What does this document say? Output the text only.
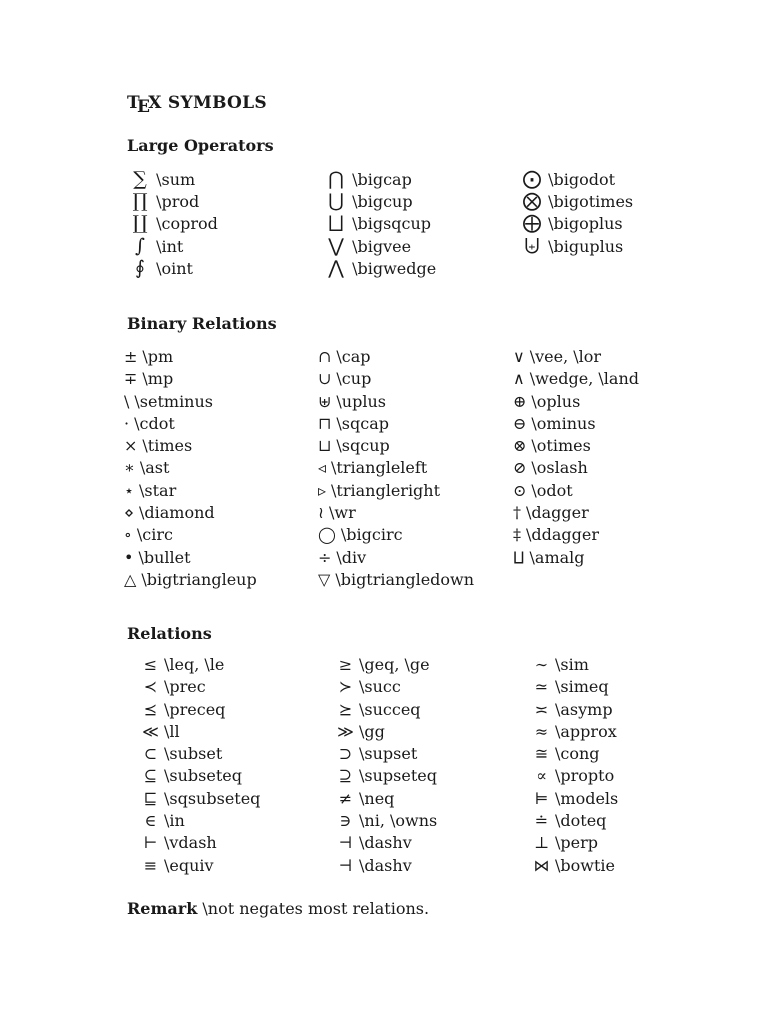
TEX SYMBOLS
Large Operators
∑ \sum
∏ \prod
∐ \coprod
∫ \int
∮ \oint
⋂ \bigcap
⋃ \bigcup
⨆ \bigsqcup
⋁ \bigvee
⋀ \bigwedge
⨀ \bigodot
⨂ \bigotimes
⨁ \bigoplus
⨄ \biguplus
Binary Relations
± \pm
∓ \mp
\ \setminus
· \cdot
× \times
∗ \ast
⋆ \star
⋄ \diamond
∘ \circ
• \bullet
△ \bigtriangleup
∩ \cap
∪ \cup
⊎ \uplus
⊓ \sqcap
⊔ \sqcup
◃ \triangleleft
▹ \triangleright
≀ \wr
◯ \bigcirc
÷ \div
▽ \bigtriangledown
∨ \vee, \lor
∧ \wedge, \land
⊕ \oplus
⊖ \ominus
⊗ \otimes
⊘ \oslash
⊙ \odot
† \dagger
‡ \ddagger
⨿ \amalg
Relations
≤ \leq, \le
≺ \prec
⪯ \preceq
≪ \ll
⊂ \subset
⊆ \subseteq
⊑ \sqsubseteq
∈ \in
⊢ \vdash
≡ \equiv
≥ \geq, \ge
≻ \succ
⪰ \succeq
≫ \gg
⊃ \supset
⊇ \supseteq
≠ \neq
∋ \ni, \owns
⊣ \dashv
⊣ \dashv
∼ \sim
≃ \simeq
≍ \asymp
≈ \approx
≅ \cong
∝ \propto
⊨ \models
≐ \doteq
⊥ \perp
⋈ \bowtie
Remark \not negates most relations.
